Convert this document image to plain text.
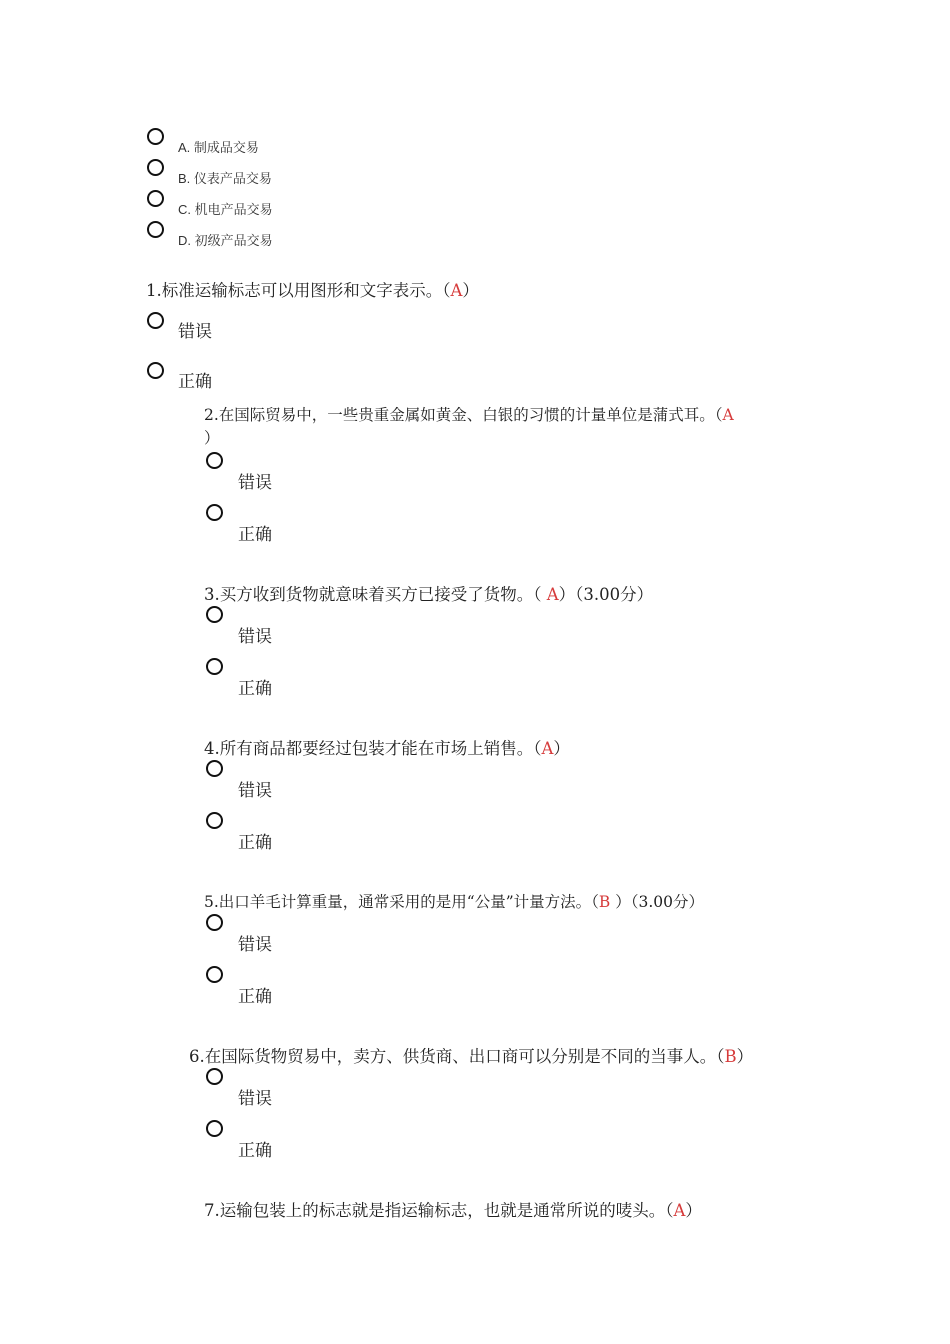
A. 制成品交易
B. 仪表产品交易
C. 机电产品交易
D. 初级产品交易
1.标准运输标志可以用图形和文字表示。（A）
错误
正确
2.在国际贸易中，一些贵重金属如黄金、白银的习惯的计量单位是蒲式耳。（A
）
错误
正确
3.买方收到货物就意味着买方已接受了货物。（ A）（3.00分）
错误
正确
4.所有商品都要经过包装才能在市场上销售。（A）
错误
正确
5.出口羊毛计算重量，通常采用的是用“公量”计量方法。（B ）（3.00分）
错误
正确
6.在国际货物贸易中，卖方、供货商、出口商可以分别是不同的当事人。（B）
错误
正确
7.运输包装上的标志就是指运输标志，也就是通常所说的唛头。（A）
